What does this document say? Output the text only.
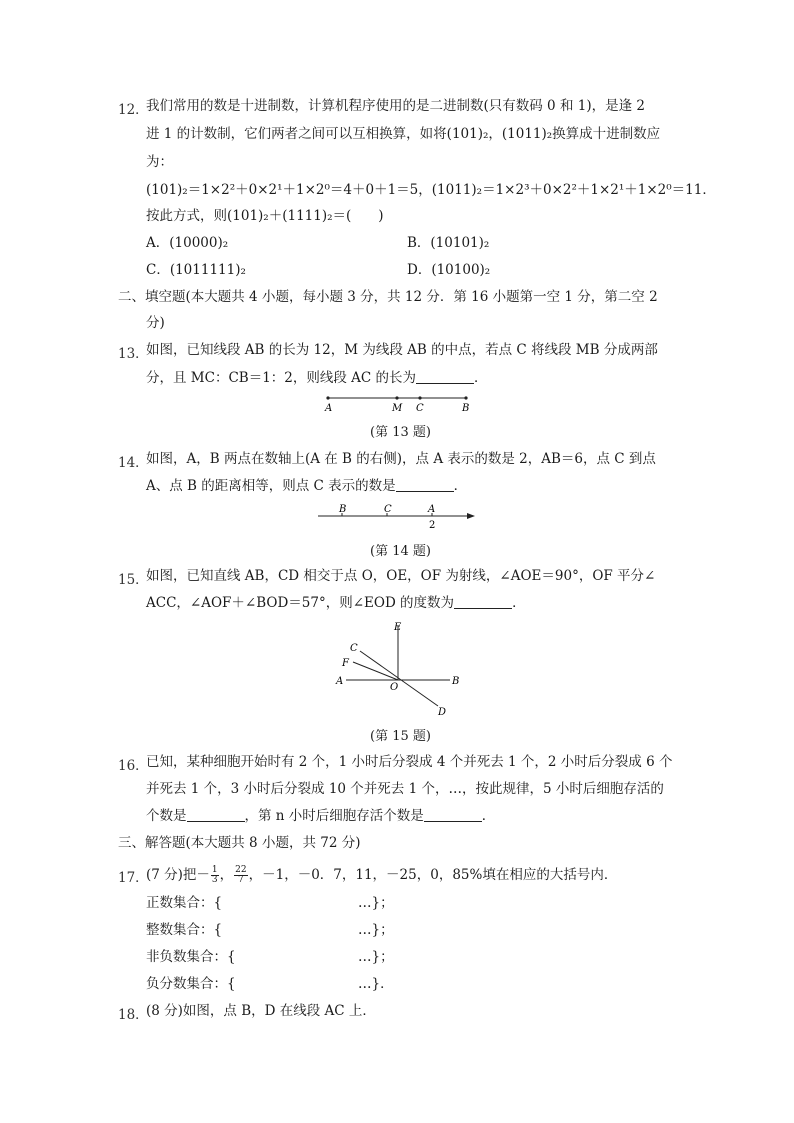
12．
我们常用的数是十进制数，计算机程序使用的是二进制数(只有数码 0 和 1)，是逢 2
进 1 的计数制，它们两者之间可以互相换算，如将(101)₂，(1011)₂换算成十进制数应
为：
(101)₂＝1×2²＋0×2¹＋1×2⁰＝4＋0＋1＝5，(1011)₂＝1×2³＋0×2²＋1×2¹＋1×2⁰＝11．
按此方式，则(101)₂＋(1111)₂＝(　　)
A．(10000)₂	B．(10101)₂
C．(1011111)₂	D．(10100)₂
二、填空题(本大题共 4 小题，每小题 3 分，共 12 分．第 16 小题第一空 1 分，第二空 2
分)
13．
如图，已知线段 AB 的长为 12，M 为线段 AB 的中点，若点 C 将线段 MB 分成两部
分，且 MC：CB＝1：2，则线段 AC 的长为	．
A	M C	B
(第 13 题)
14．
如图，A，B 两点在数轴上(A 在 B 的右侧)，点 A 表示的数是 2，AB＝6，点 C 到点
A、点 B 的距离相等，则点 C 表示的数是	．
B	C	A
2
(第 14 题)
15．
如图，已知直线 AB，CD 相交于点 O，OE，OF 为射线，∠AOE＝90°，OF 平分∠
ACC，∠AOF＋∠BOD＝57°，则∠EOD 的度数为	．
E
C
F
A
O
B
D
(第 15 题)
16．
已知，某种细胞开始时有 2 个，1 小时后分裂成 4 个并死去 1 个，2 小时后分裂成 6 个
并死去 1 个，3 小时后分裂成 10 个并死去 1 个，…，按此规律，5 小时后细胞存活的
个数是	，第 n 小时后细胞存活个数是	．
三、解答题(本大题共 8 小题，共 72 分)
17．
(7 分)把－ $\frac{1}{3}$ ， $\frac{22}{7}$ ，－1，－0．7，11，－25，0，85%填在相应的大括号内．
正数集合：{	…}；
整数集合：{	…}；
非负数集合：{	…}；
负分数集合：{	…}．
18．
(8 分)如图，点 B，D 在线段 AC 上．
